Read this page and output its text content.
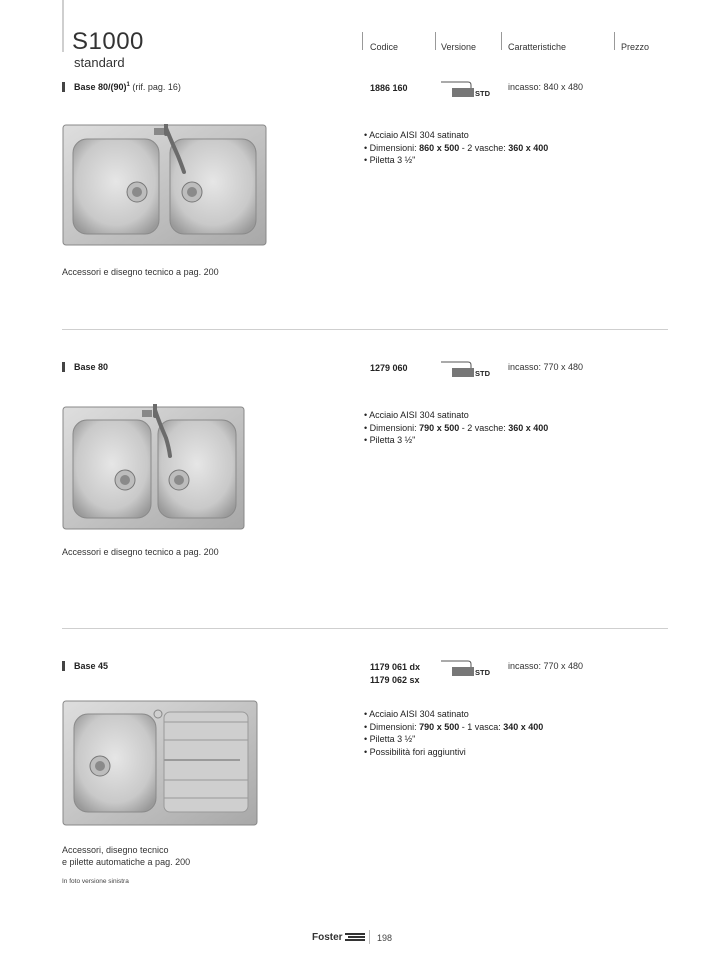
S1000
standard
Codice	Versione	Caratteristiche	Prezzo
Base $80/(90)^1$ (rif. pag. 16)	1886 160
STD
incasso: 840 x 480
• Acciaio AISI 304 satinato
• Dimensioni: 860 x 500 - 2 vasche: 360 x 400
• Piletta 3 ½"
Accessori e disegno tecnico a pag. 200
Base 80	1279 060
STD
incasso: 770 x 480
• Acciaio AISI 304 satinato
• Dimensioni: 790 x 500 - 2 vasche: 360 x 400
• Piletta 3 ½"
Accessori e disegno tecnico a pag. 200
Base 45	1179 061 dx
1179 062 sx
STD
incasso: 770 x 480
• Acciaio AISI 304 satinato
• Dimensioni: 790 x 500 - 1 vasca: 340 x 400
• Piletta 3 ½"
• Possibilità fori aggiuntivi
Accessori, disegno tecnico
e pilette automatiche a pag. 200
In foto versione sinistra
Foster	198
